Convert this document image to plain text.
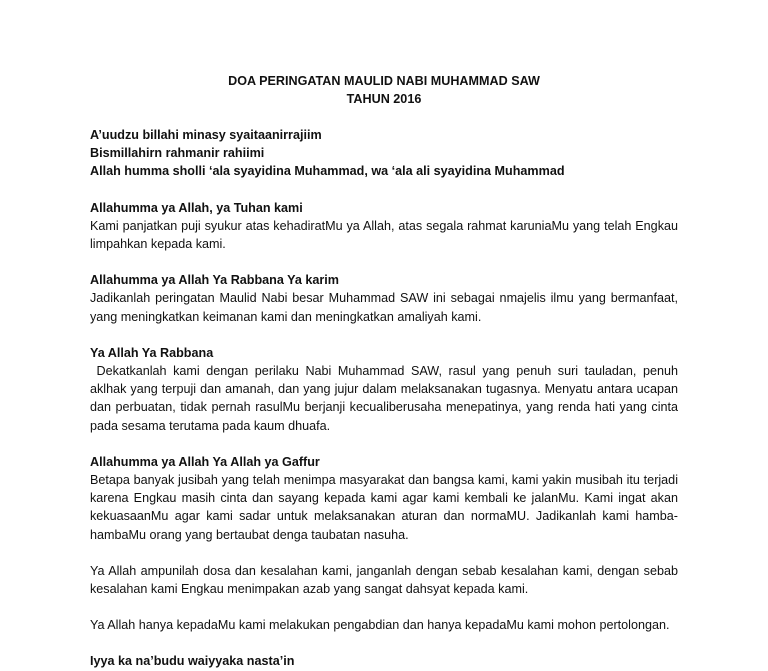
DOA PERINGATAN MAULID NABI MUHAMMAD SAW
TAHUN 2016
A’uudzu billahi minasy syaitaanirrajiim
Bismillahirn rahmanir rahiimi
Allah humma sholli ‘ala syayidina Muhammad, wa ‘ala ali syayidina Muhammad
Allahumma ya Allah, ya Tuhan kami
Kami panjatkan puji syukur atas kehadiratMu ya Allah, atas segala rahmat karuniaMu yang telah Engkau limpahkan kepada kami.
Allahumma ya Allah Ya Rabbana Ya karim
Jadikanlah peringatan Maulid Nabi besar Muhammad SAW ini sebagai nmajelis ilmu yang bermanfaat, yang meningkatkan keimanan kami dan meningkatkan amaliyah kami.
Ya Allah Ya Rabbana
Dekatkanlah kami dengan perilaku Nabi Muhammad SAW, rasul yang penuh suri tauladan, penuh aklhak yang terpuji dan amanah, dan yang jujur dalam melaksanakan tugasnya. Menyatu antara ucapan dan perbuatan, tidak pernah rasulMu berjanji kecualiberusaha menepatinya, yang renda hati yang cinta pada sesama terutama pada kaum dhuafa.
Allahumma ya Allah Ya Allah ya Gaffur
Betapa banyak jusibah yang telah menimpa masyarakat dan bangsa kami, kami yakin musibah itu terjadi karena Engkau masih cinta dan sayang kepada kami agar kami kembali ke jalanMu. Kami ingat akan kekuasaanMu agar kami sadar untuk melaksanakan aturan dan normaMU. Jadikanlah kami hamba-hambaMu orang yang bertaubat denga taubatan nasuha.
Ya Allah ampunilah dosa dan kesalahan kami, janganlah dengan sebab kesalahan kami, dengan sebab kesalahan kami Engkau menimpakan azab yang sangat dahsyat kepada kami.
Ya Allah hanya kepadaMu kami melakukan pengabdian dan hanya kepadaMu kami mohon pertolongan.
Iyya ka na’budu waiyyaka nasta’in
